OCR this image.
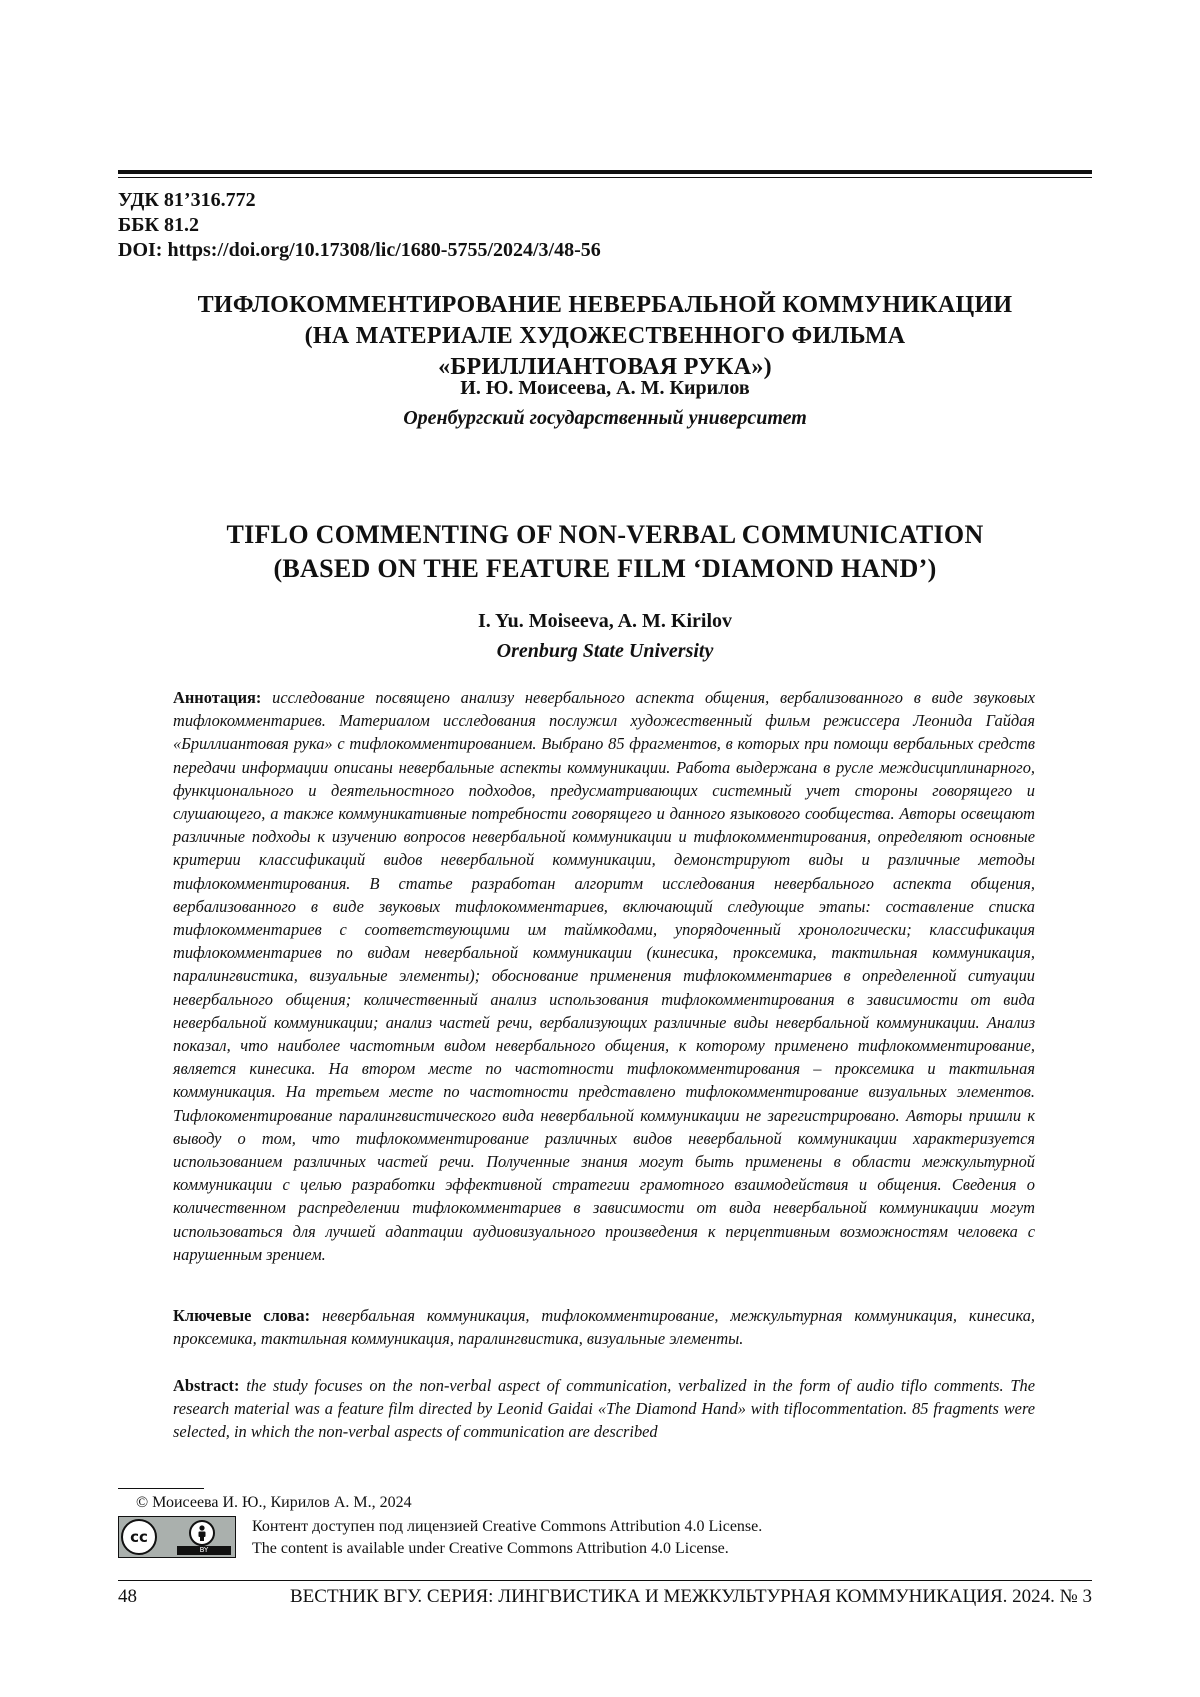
УДК 81’316.772
ББК 81.2
DOI: https://doi.org/10.17308/lic/1680-5755/2024/3/48-56
ТИФЛОКОММЕНТИРОВАНИЕ НЕВЕРБАЛЬНОЙ КОММУНИКАЦИИ
(НА МАТЕРИАЛЕ ХУДОЖЕСТВЕННОГО ФИЛЬМА
«БРИЛЛИАНТОВАЯ РУКА»)
И. Ю. Моисеева, А. М. Кирилов
Оренбургский государственный университет
TIFLO COMMENTING OF NON-VERBAL COMMUNICATION
(BASED ON THE FEATURE FILM ‘DIAMOND HAND’)
I. Yu. Moiseeva, A. M. Kirilov
Orenburg State University
Аннотация: исследование посвящено анализу невербального аспекта общения, вербализованного в виде звуковых тифлокомментариев. Материалом исследования послужил художественный фильм режиссера Леонида Гайдая «Бриллиантовая рука» с тифлокомментированием. Выбрано 85 фрагментов, в которых при помощи вербальных средств передачи информации описаны невербальные аспекты коммуникации. Работа выдержана в русле междисциплинарного, функционального и деятельностного подходов, предусматривающих системный учет стороны говорящего и слушающего, а также коммуникативные потребности говорящего и данного языкового сообщества. Авторы освещают различные подходы к изучению вопросов невербальной коммуникации и тифлокомментирования, определяют основные критерии классификаций видов невербальной коммуникации, демонстрируют виды и различные методы тифлокомментирования. В статье разработан алгоритм исследования невербального аспекта общения, вербализованного в виде звуковых тифлокомментариев, включающий следующие этапы: составление списка тифлокомментариев с соответствующими им таймкодами, упорядоченный хронологически; классификация тифлокомментариев по видам невербальной коммуникации (кинесика, проксемика, тактильная коммуникация, паралингвистика, визуальные элементы); обоснование применения тифлокомментариев в определенной ситуации невербального общения; количественный анализ использования тифлокомментирования в зависимости от вида невербальной коммуникации; анализ частей речи, вербализующих различные виды невербальной коммуникации. Анализ показал, что наиболее частотным видом невербального общения, к которому применено тифлокомментирование, является кинесика. На втором месте по частотности тифлокомментирования – проксемика и тактильная коммуникация. На третьем месте по частотности представлено тифлокомментирование визуальных элементов. Тифлокоментирование паралингвистического вида невербальной коммуникации не зарегистрировано. Авторы пришли к выводу о том, что тифлокомментирование различных видов невербальной коммуникации характеризуется использованием различных частей речи. Полученные знания могут быть применены в области межкультурной коммуникации с целью разработки эффективной стратегии грамотного взаимодействия и общения. Сведения о количественном распределении тифлокомментариев в зависимости от вида невербальной коммуникации могут использоваться для лучшей адаптации аудиовизуального произведения к перцептивным возможностям человека с нарушенным зрением.
Ключевые слова: невербальная коммуникация, тифлокомментирование, межкультурная коммуникация, кинесика, проксемика, тактильная коммуникация, паралингвистика, визуальные элементы.
Abstract: the study focuses on the non-verbal aspect of communication, verbalized in the form of audio tiflo comments. The research material was a feature film directed by Leonid Gaidai «The Diamond Hand» with tiflocommentation. 85 fragments were selected, in which the non-verbal aspects of communication are described
© Моисеева И. Ю., Кирилов А. М., 2024
cc
BY
Контент доступен под лицензией Creative Commons Attribution 4.0 License.
The content is available under Creative Commons Attribution 4.0 License.
48	ВЕСТНИК ВГУ. СЕРИЯ: ЛИНГВИСТИКА И МЕЖКУЛЬТУРНАЯ КОММУНИКАЦИЯ. 2024. № 3
